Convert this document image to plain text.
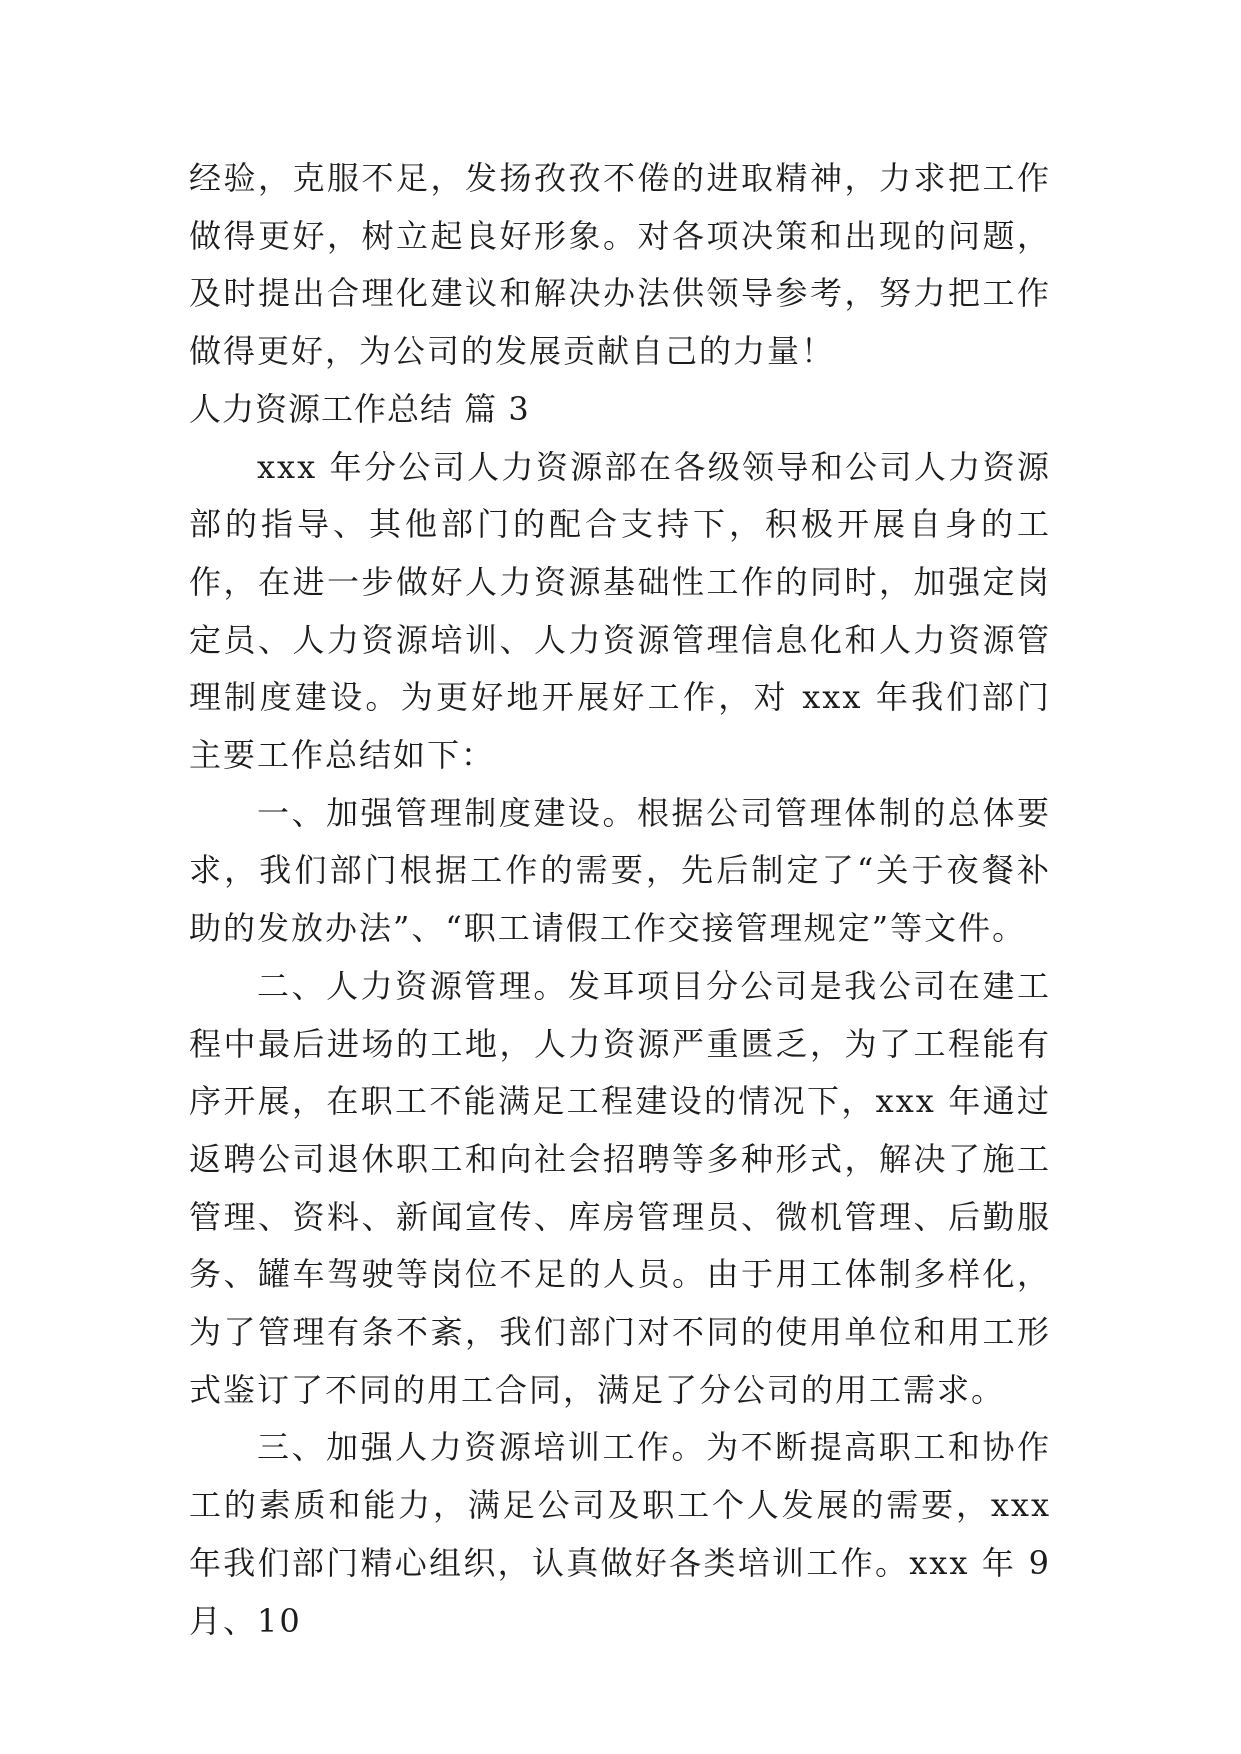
经验，克服不足，发扬孜孜不倦的进取精神，力求把工作做得更好，树立起良好形象。对各项决策和出现的问题，及时提出合理化建议和解决办法供领导参考，努力把工作做得更好，为公司的发展贡献自己的力量！

人力资源工作总结 篇 3

xxx 年分公司人力资源部在各级领导和公司人力资源部的指导、其他部门的配合支持下，积极开展自身的工作，在进一步做好人力资源基础性工作的同时，加强定岗定员、人力资源培训、人力资源管理信息化和人力资源管理制度建设。为更好地开展好工作，对 xxx 年我们部门主要工作总结如下：

一、加强管理制度建设。根据公司管理体制的总体要求，我们部门根据工作的需要，先后制定了“关于夜餐补助的发放办法”、“职工请假工作交接管理规定”等文件。

二、人力资源管理。发耳项目分公司是我公司在建工程中最后进场的工地，人力资源严重匮乏，为了工程能有序开展，在职工不能满足工程建设的情况下，xxx 年通过返聘公司退休职工和向社会招聘等多种形式，解决了施工管理、资料、新闻宣传、库房管理员、微机管理、后勤服务、罐车驾驶等岗位不足的人员。由于用工体制多样化，为了管理有条不紊，我们部门对不同的使用单位和用工形式鉴订了不同的用工合同，满足了分公司的用工需求。

三、加强人力资源培训工作。为不断提高职工和协作工的素质和能力，满足公司及职工个人发展的需要，xxx 年我们部门精心组织，认真做好各类培训工作。xxx 年 9 月、10
